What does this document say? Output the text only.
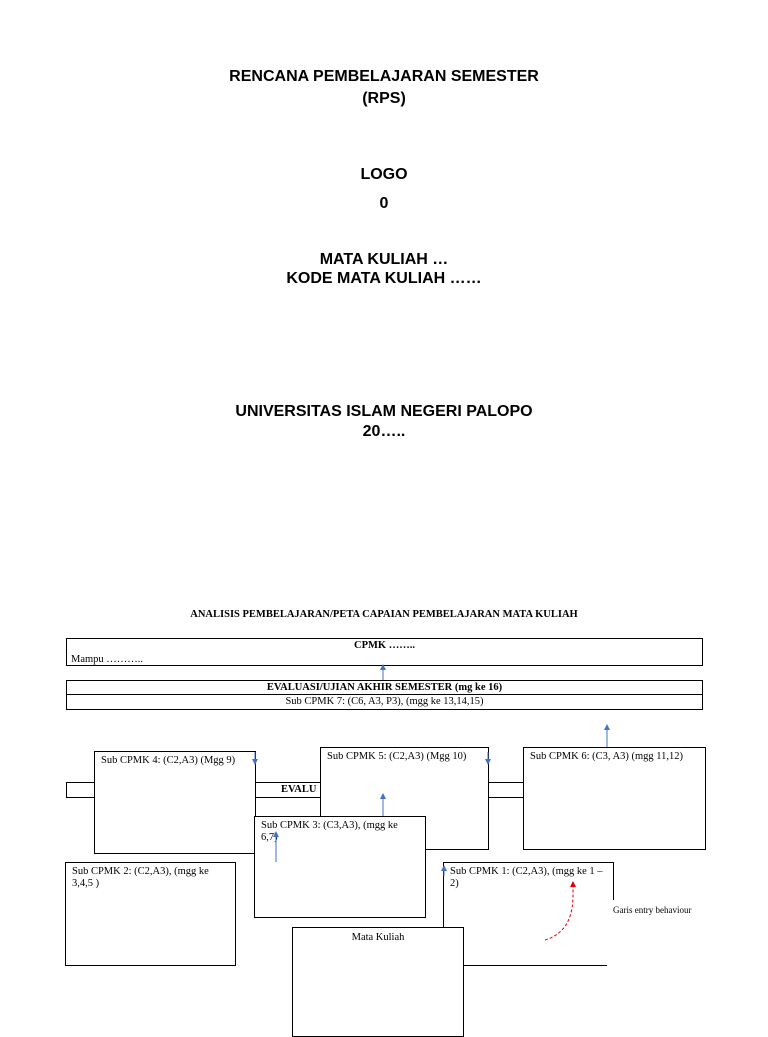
RENCANA PEMBELAJARAN SEMESTER
(RPS)
LOGO
0
MATA KULIAH …
KODE MATA KULIAH ……
UNIVERSITAS ISLAM NEGERI PALOPO
20…..
ANALISIS PEMBELAJARAN/PETA CAPAIAN PEMBELAJARAN MATA KULIAH
CPMK ……..
Mampu ………..
EVALUASI/UJIAN AKHIR SEMESTER (mg ke 16)
Sub CPMK 7: (C6, A3, P3), (mgg ke 13,14,15)
EVALU
Sub CPMK 4: (C2,A3) (Mgg 9)	Sub CPMK 5: (C2,A3) (Mgg 10)	Sub CPMK 6: (C3, A3) (mgg 11,12)
Sub CPMK 3: (C3,A3), (mgg ke 6,7)
Sub CPMK 2: (C2,A3), (mgg ke 3,4,5 )
Sub CPMK 1: (C2,A3), (mgg ke 1 – 2)
Garis entry behaviour
Mata Kuliah
